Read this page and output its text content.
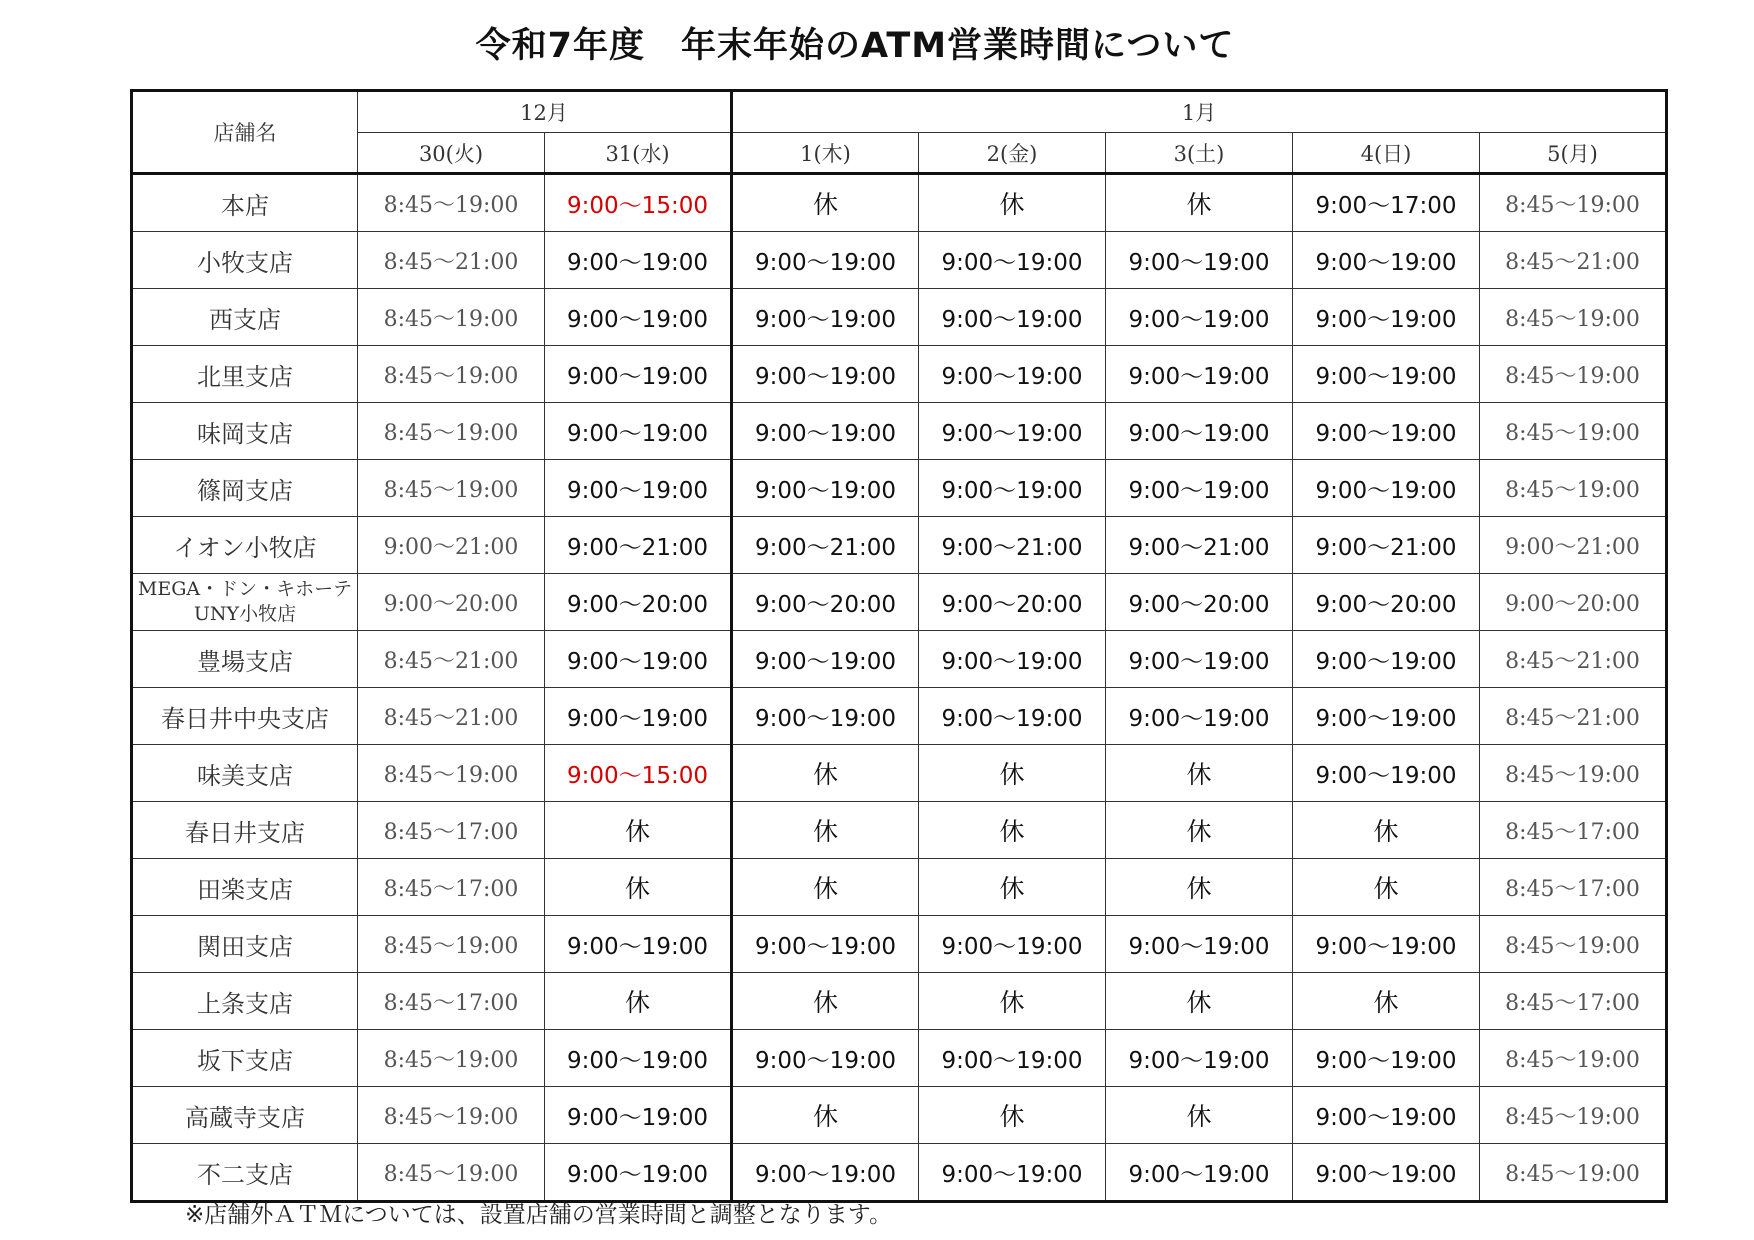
令和7年度　年末年始のATM営業時間について
店舗名	12月		1月				
	30(火)	31(水)	1(木)	2(金)	3(土)	4(日)	5(月)
本店	8:45～19:00	9:00～15:00	休	休	休	9:00～17:00	8:45～19:00
小牧支店	8:45～21:00	9:00～19:00	9:00～19:00	9:00～19:00	9:00～19:00	9:00～19:00	8:45～21:00
西支店	8:45～19:00	9:00～19:00	9:00～19:00	9:00～19:00	9:00～19:00	9:00～19:00	8:45～19:00
北里支店	8:45～19:00	9:00～19:00	9:00～19:00	9:00～19:00	9:00～19:00	9:00～19:00	8:45～19:00
味岡支店	8:45～19:00	9:00～19:00	9:00～19:00	9:00～19:00	9:00～19:00	9:00～19:00	8:45～19:00
篠岡支店	8:45～19:00	9:00～19:00	9:00～19:00	9:00～19:00	9:00～19:00	9:00～19:00	8:45～19:00
イオン小牧店	9:00～21:00	9:00～21:00	9:00～21:00	9:00～21:00	9:00～21:00	9:00～21:00	9:00～21:00
MEGA・ドン・キホーテUNY小牧店	9:00～20:00	9:00～20:00	9:00～20:00	9:00～20:00	9:00～20:00	9:00～20:00	9:00～20:00
豊場支店	8:45～21:00	9:00～19:00	9:00～19:00	9:00～19:00	9:00～19:00	9:00～19:00	8:45～21:00
春日井中央支店	8:45～21:00	9:00～19:00	9:00～19:00	9:00～19:00	9:00～19:00	9:00～19:00	8:45～21:00
味美支店	8:45～19:00	9:00～15:00	休	休	休	9:00～19:00	8:45～19:00
春日井支店	8:45～17:00	休	休	休	休	休	8:45～17:00
田楽支店	8:45～17:00	休	休	休	休	休	8:45～17:00
関田支店	8:45～19:00	9:00～19:00	9:00～19:00	9:00～19:00	9:00～19:00	9:00～19:00	8:45～19:00
上条支店	8:45～17:00	休	休	休	休	休	8:45～17:00
坂下支店	8:45～19:00	9:00～19:00	9:00～19:00	9:00～19:00	9:00～19:00	9:00～19:00	8:45～19:00
高蔵寺支店	8:45～19:00	9:00～19:00	休	休	休	9:00～19:00	8:45～19:00
不二支店	8:45～19:00	9:00～19:00	9:00～19:00	9:00～19:00	9:00～19:00	9:00～19:00	8:45～19:00
※店舗外ＡＴＭについては、設置店舗の営業時間と調整となります。
